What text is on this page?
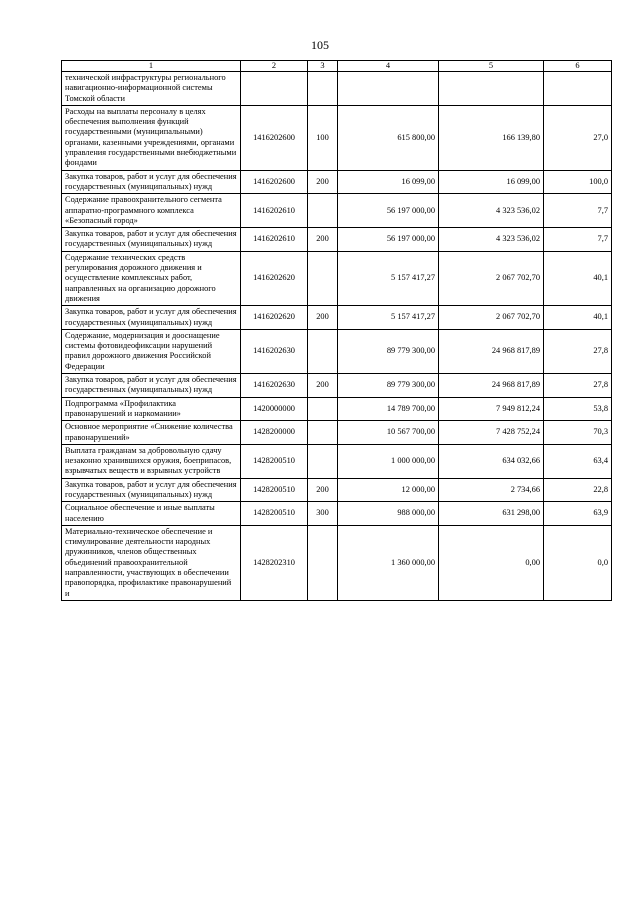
105
1	2	3	4	5	6
технической инфраструктуры регионального навигационно-информационной системы Томской области					
Расходы на выплаты персоналу в целях обеспечения выполнения функций государственными (муниципальными) органами, казенными учреждениями, органами управления государственными внебюджетными фондами	1416202600	100	615 800,00	166 139,80	27,0
Закупка товаров, работ и услуг для обеспечения государственных (муниципальных) нужд	1416202600	200	16 099,00	16 099,00	100,0
Содержание правоохранительного сегмента аппаратно-программного комплекса «Безопасный город»	1416202610		56 197 000,00	4 323 536,02	7,7
Закупка товаров, работ и услуг для обеспечения государственных (муниципальных) нужд	1416202610	200	56 197 000,00	4 323 536,02	7,7
Содержание технических средств регулирования дорожного движения и осуществление комплексных работ, направленных на организацию дорожного движения	1416202620		5 157 417,27	2 067 702,70	40,1
Закупка товаров, работ и услуг для обеспечения государственных (муниципальных) нужд	1416202620	200	5 157 417,27	2 067 702,70	40,1
Содержание, модернизация и дооснащение системы фотовидеофиксации нарушений правил дорожного движения Российской Федерации	1416202630		89 779 300,00	24 968 817,89	27,8
Закупка товаров, работ и услуг для обеспечения государственных (муниципальных) нужд	1416202630	200	89 779 300,00	24 968 817,89	27,8
Подпрограмма «Профилактика правонарушений и наркомании»	1420000000		14 789 700,00	7 949 812,24	53,8
Основное мероприятие «Снижение количества правонарушений»	1428200000		10 567 700,00	7 428 752,24	70,3
Выплата гражданам за добровольную сдачу незаконно хранившихся оружия, боеприпасов, взрывчатых веществ и взрывных устройств	1428200510		1 000 000,00	634 032,66	63,4
Закупка товаров, работ и услуг для обеспечения государственных (муниципальных) нужд	1428200510	200	12 000,00	2 734,66	22,8
Социальное обеспечение и иные выплаты населению	1428200510	300	988 000,00	631 298,00	63,9
Материально-техническое обеспечение и стимулирование деятельности народных дружинников, членов общественных объединений правоохранительной направленности, участвующих в обеспечении правопорядка, профилактике правонарушений и	1428202310		1 360 000,00	0,00	0,0
